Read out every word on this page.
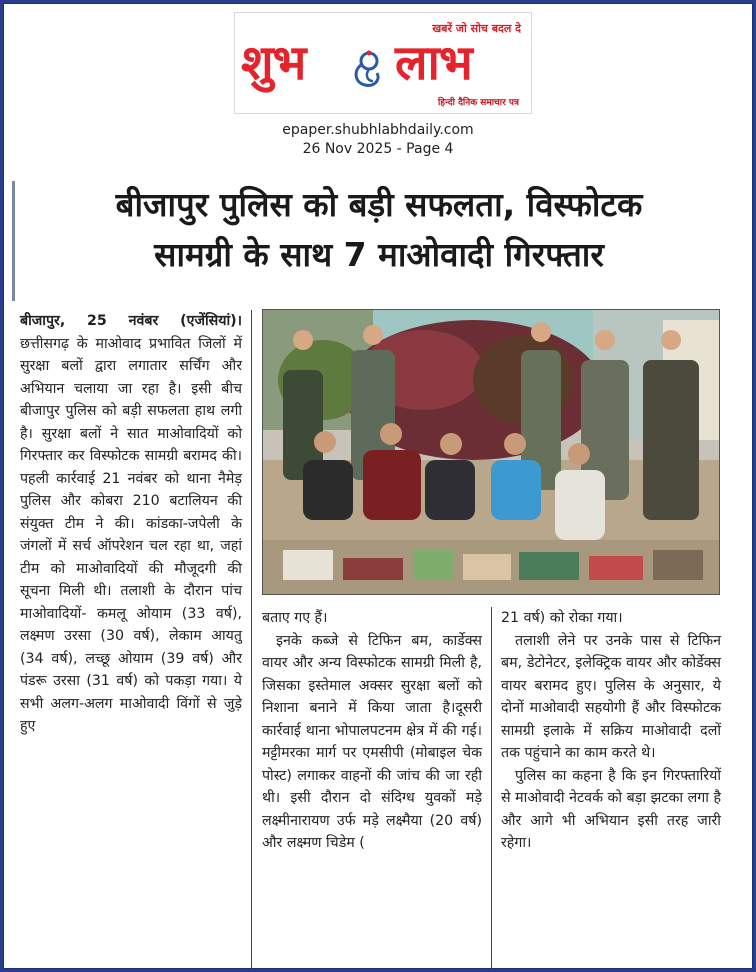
खबरें जो सोच बदल दे
शुभ लाभ
हिन्दी दैनिक समाचार पत्र
epaper.shubhlabhdaily.com
26 Nov 2025 - Page 4
बीजापुर पुलिस को बड़ी सफलता, विस्फोटक
सामग्री के साथ 7 माओवादी गिरफ्तार

बीजापुर, 25 नवंबर (एजेंसियां)। छत्तीसगढ़ के माओवाद प्रभावित जिलों में सुरक्षा बलों द्वारा लगातार सर्चिंग और अभियान चलाया जा रहा है। इसी बीच बीजापुर पुलिस को बड़ी सफलता हाथ लगी है। सुरक्षा बलों ने सात माओवादियों को गिरफ्तार कर विस्फोटक सामग्री बरामद की। पहली कार्रवाई 21 नवंबर को थाना नैमेड़ पुलिस और कोबरा 210 बटालियन की संयुक्त टीम ने की। कांडका-जपेली के जंगलों में सर्च ऑपरेशन चल रहा था, जहां टीम को माओवादियों की मौजूदगी की सूचना मिली थी। तलाशी के दौरान पांच माओवादियों- कमलू ओयाम (33 वर्ष), लक्ष्मण उरसा (30 वर्ष), लेकाम आयतु (34 वर्ष), लच्छू ओयाम (39 वर्ष) और पंडरू उरसा (31 वर्ष) को पकड़ा गया। ये सभी अलग-अलग माओवादी विंगों से जुड़े हुए

बताए गए हैं।

इनके कब्जे से टिफिन बम, कार्डेक्स वायर और अन्य विस्फोटक सामग्री मिली है, जिसका इस्तेमाल अक्सर सुरक्षा बलों को निशाना बनाने में किया जाता है।दूसरी कार्रवाई थाना भोपालपटनम क्षेत्र में की गई। मट्टीमरका मार्ग पर एमसीपी (मोबाइल चेक पोस्ट) लगाकर वाहनों की जांच की जा रही थी। इसी दौरान दो संदिग्ध युवकों मड़े लक्ष्मीनारायण उर्फ मड़े लक्ष्मैया (20 वर्ष) और लक्ष्मण चिडेम (

21 वर्ष) को रोका गया।

तलाशी लेने पर उनके पास से टिफिन बम, डेटोनेटर, इलेक्ट्रिक वायर और कोर्डेक्स वायर बरामद हुए। पुलिस के अनुसार, ये दोनों माओवादी सहयोगी हैं और विस्फोटक सामग्री इलाके में सक्रिय माओवादी दलों तक पहुंचाने का काम करते थे।

पुलिस का कहना है कि इन गिरफ्तारियों से माओवादी नेटवर्क को बड़ा झटका लगा है और आगे भी अभियान इसी तरह जारी रहेगा।
